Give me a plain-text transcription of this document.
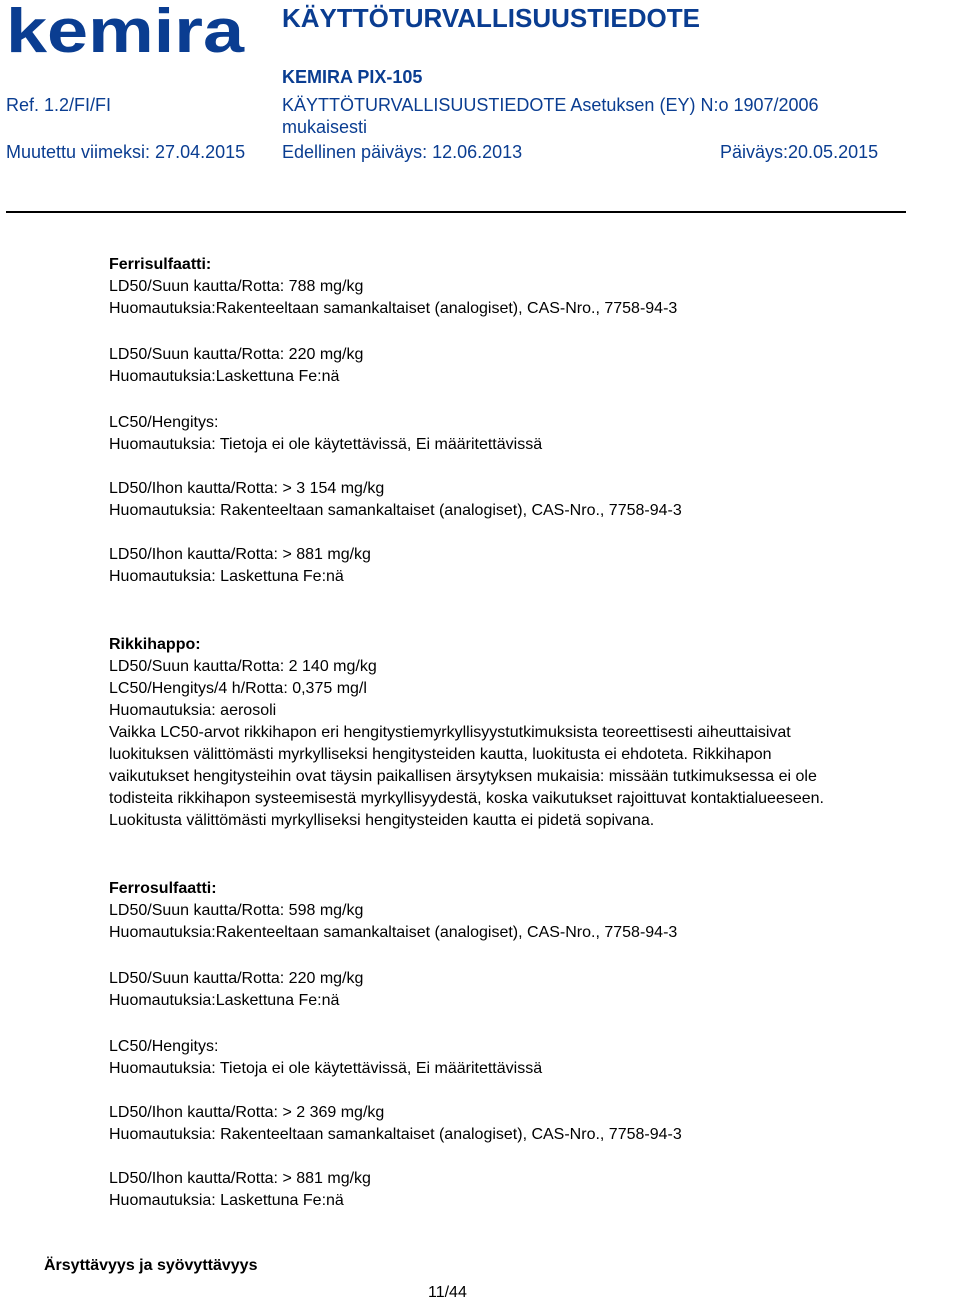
kemira KÄYTTÖTURVALLISUUSTIEDOTE
KEMIRA PIX-105
Ref. 1.2/FI/FI	KÄYTTÖTURVALLISUUSTIEDOTE Asetuksen (EY) N:o 1907/2006
mukaisesti
Muutettu viimeksi: 27.04.2015 Edellinen päiväys: 12.06.2013	Päiväys:20.05.2015
Ferrisulfaatti:
LD50/Suun kautta/Rotta: 788 mg/kg
Huomautuksia:Rakenteeltaan samankaltaiset (analogiset), CAS-Nro., 7758-94-3
LD50/Suun kautta/Rotta: 220 mg/kg
Huomautuksia:Laskettuna Fe:nä
LC50/Hengitys:
Huomautuksia: Tietoja ei ole käytettävissä, Ei määritettävissä
LD50/Ihon kautta/Rotta: > 3 154 mg/kg
Huomautuksia: Rakenteeltaan samankaltaiset (analogiset), CAS-Nro., 7758-94-3
LD50/Ihon kautta/Rotta: > 881 mg/kg
Huomautuksia: Laskettuna Fe:nä
Rikkihappo:
LD50/Suun kautta/Rotta: 2 140 mg/kg
LC50/Hengitys/4 h/Rotta: 0,375 mg/l
Huomautuksia: aerosoli
Vaikka LC50-arvot rikkihapon eri hengitystiemyrkyllisyystutkimuksista teoreettisesti aiheuttaisivat
luokituksen välittömästi myrkylliseksi hengitysteiden kautta, luokitusta ei ehdoteta. Rikkihapon
vaikutukset hengitysteihin ovat täysin paikallisen ärsytyksen mukaisia: missään tutkimuksessa ei ole
todisteita rikkihapon systeemisestä myrkyllisyydestä, koska vaikutukset rajoittuvat kontaktialueeseen.
Luokitusta välittömästi myrkylliseksi hengitysteiden kautta ei pidetä sopivana.
Ferrosulfaatti:
LD50/Suun kautta/Rotta: 598 mg/kg
Huomautuksia:Rakenteeltaan samankaltaiset (analogiset), CAS-Nro., 7758-94-3
LD50/Suun kautta/Rotta: 220 mg/kg
Huomautuksia:Laskettuna Fe:nä
LC50/Hengitys:
Huomautuksia: Tietoja ei ole käytettävissä, Ei määritettävissä
LD50/Ihon kautta/Rotta: > 2 369 mg/kg
Huomautuksia: Rakenteeltaan samankaltaiset (analogiset), CAS-Nro., 7758-94-3
LD50/Ihon kautta/Rotta: > 881 mg/kg
Huomautuksia: Laskettuna Fe:nä
Ärsyttävyys ja syövyttävyys
11/44
